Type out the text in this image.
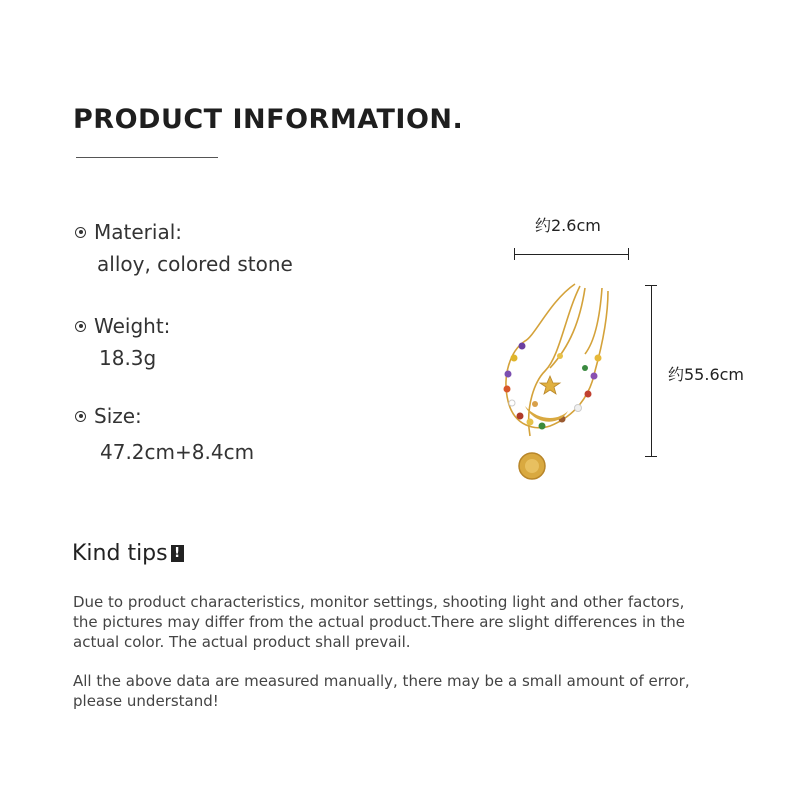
PRODUCT INFORMATION.
Material:
alloy, colored stone
Weight:
18.3g
Size:
47.2cm+8.4cm
约2.6cm
约55.6cm
Kind tips !
Due to product characteristics, monitor settings, shooting light and other factors, the pictures may differ from the actual product.There are slight differences in the actual color. The actual product shall prevail.
All the above data are measured manually, there may be a small amount of error, please understand!
